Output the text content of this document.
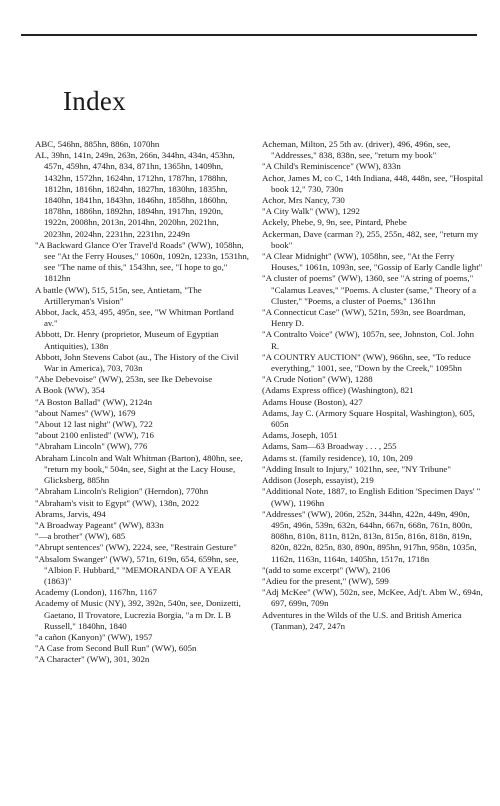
Index

ABC, 546hn, 885hn, 886n, 1070hn

AL, 39hn, 141n, 249n, 263n, 266n, 344hn, 434n, 453hn, 457n, 459hn, 474hn, 834, 871hn, 1365hn, 1409hn, 1432hn, 1572hn, 1624hn, 1712hn, 1787hn, 1788hn, 1812hn, 1816hn, 1824hn, 1827hn, 1830hn, 1835hn, 1840hn, 1841hn, 1843hn, 1846hn, 1858hn, 1860hn, 1878hn, 1886hn, 1892hn, 1894hn, 1917hn, 1920n, 1922n, 2008hn, 2013n, 2014hn, 2020hn, 2021hn, 2023hn, 2024hn, 2231hn, 2231hn, 2249n

"A Backward Glance O'er Travel'd Roads" (WW), 1058hn, see "At the Ferry Houses," 1060n, 1092n, 1233n, 1531hn, see "The name of this," 1543hn, see, "I hope to go," 1812hn

A battle (WW), 515, 515n, see, Antietam, "The Artilleryman's Vision"

Abbot, Jack, 453, 495, 495n, see, "W Whitman Portland av."

Abbott, Dr. Henry (proprietor, Museum of Egyptian Antiquities), 138n

Abbott, John Stevens Cabot (au., The History of the Civil War in America), 703, 703n

"Abe Debevoise" (WW), 253n, see Ike Debevoise

A Book (WW), 354

"A Boston Ballad" (WW), 2124n

"about Names" (WW), 1679

"About 12 last night" (WW), 722

"about 2100 enlisted" (WW), 716

"Abraham Lincoln" (WW), 776

Abraham Lincoln and Walt Whitman (Barton), 480hn, see, "return my book," 504n, see, Sight at the Lacy House, Glicksberg, 885hn

"Abraham Lincoln's Religion" (Herndon), 770hn

"Abraham's visit to Egypt" (WW), 138n, 2022

Abrams, Jarvis, 494

"A Broadway Pageant" (WW), 833n

"—a brother" (WW), 685

"Abrupt sentences" (WW), 2224, see, "Restrain Gesture"

"Absalom Swanger" (WW), 571n, 619n, 654, 659hn, see, "Albion F. Hubbard," "MEMORANDA OF A YEAR (1863)"

Academy (London), 1167hn, 1167

Academy of Music (NY), 392, 392n, 540n, see, Donizetti, Gaetano, Il Trovatore, Lucrezia Borgia, "a m Dr. L B Russell," 1840hn, 1840

"a cañon (Kanyon)" (WW), 1957

"A Case from Second Bull Run" (WW), 605n

"A Character" (WW), 301, 302n

Acheman, Milton, 25 5th av. (driver), 496, 496n, see, "Addresses," 838, 838n, see, "return my book"

"A Child's Reminiscence" (WW), 833n

Achor, James M, co C, 14th Indiana, 448, 448n, see, "Hospital book 12," 730, 730n

Achor, Mrs Nancy, 730

"A City Walk" (WW), 1292

Ackely, Phebe, 9, 9n, see, Pintard, Phebe

Ackerman, Dave (carman ?), 255, 255n, 482, see, "return my book"

"A Clear Midnight" (WW), 1058hn, see, "At the Ferry Houses," 1061n, 1093n, see, "Gossip of Early Candle light"

"A cluster of poems" (WW), 1360, see "A string of poems," "Calamus Leaves," "Poems. A cluster (same," Theory of a Cluster," "Poems, a cluster of Poems," 1361hn

"A Connecticut Case" (WW), 521n, 593n, see Boardman, Henry D.

"A Contralto Voice" (WW), 1057n, see, Johnston, Col. John R.

"A COUNTRY AUCTION" (WW), 966hn, see, "To reduce everything," 1001, see, "Down by the Creek," 1095hn

"A Crude Notion" (WW), 1288

(Adams Express office) (Washington), 821

Adams House (Boston), 427

Adams, Jay C. (Armory Square Hospital, Washington), 605, 605n

Adams, Joseph, 1051

Adams, Sam—63 Broadway . . . , 255

Adams st. (family residence), 10, 10n, 209

"Adding Insult to Injury," 1021hn, see, "NY Tribune"

Addison (Joseph, essayist), 219

"Additional Note, 1887, to English Edition 'Specimen Days' " (WW), 1196hn

"Addresses" (WW), 206n, 252n, 344hn, 422n, 449n, 490n, 495n, 496n, 539n, 632n, 644hn, 667n, 668n, 761n, 800n, 808hn, 810n, 811n, 812n, 813n, 815n, 816n, 818n, 819n, 820n, 822n, 825n, 830, 890n, 895hn, 917hn, 958n, 1035n, 1162n, 1163n, 1164n, 1405hn, 1517n, 1718n

"(add to some excerpt" (WW), 2106

"Adieu for the present," (WW), 599

"Adj McKee" (WW), 502n, see, McKee, Adj't. Abm W., 694n, 697, 699n, 709n

Adventures in the Wilds of the U.S. and British America (Tanman), 247, 247n
